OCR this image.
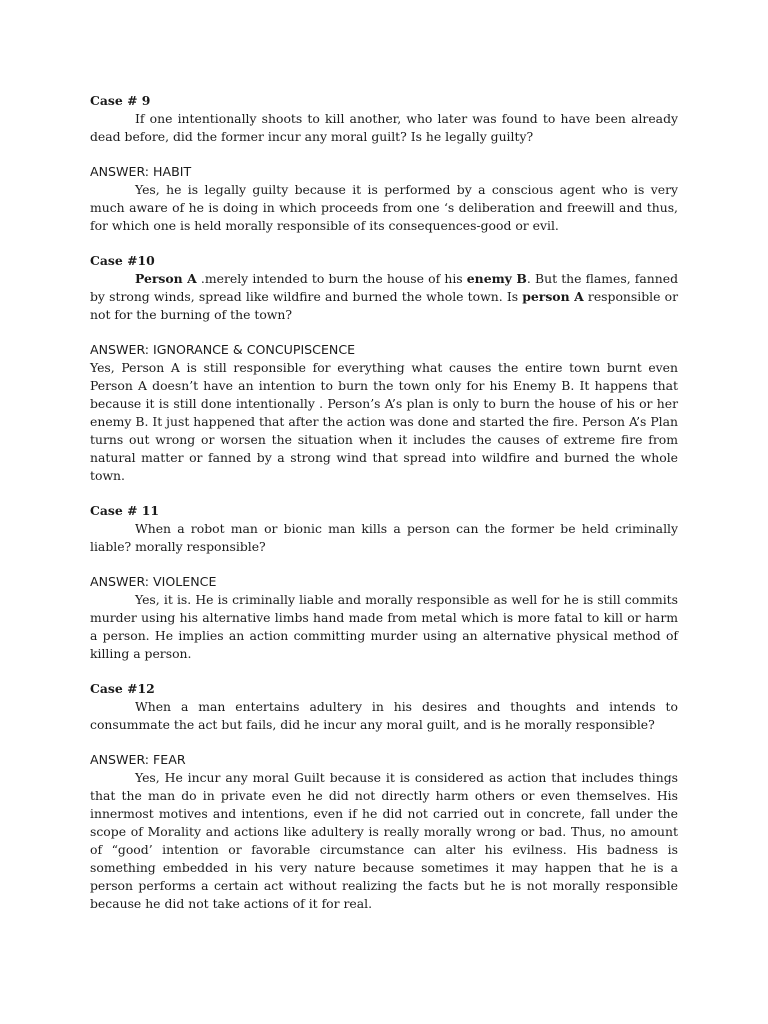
Case # 9

If one intentionally shoots to kill another, who later was found to have been already dead before, did the former incur any moral guilt? Is he legally guilty?

ANSWER: HABIT

Yes, he is legally guilty because it is performed by a conscious agent who is very much aware of he is doing in which proceeds from one ‘s deliberation and freewill and thus, for which one is held morally responsible of its consequences-good or evil.

Case #10

Person A .merely intended to burn the house of his enemy B. But the flames, fanned by strong winds, spread like wildfire and burned the whole town. Is person A responsible or not for the burning of the town?

ANSWER: IGNORANCE & CONCUPISCENCE

Yes, Person A is still responsible for everything what causes the entire town burnt even Person A doesn’t have an intention to burn the town only for his Enemy B. It happens that because it is still done intentionally . Person’s A’s plan is only to burn the house of his or her enemy B. It just happened that after the action was done and started the fire. Person A’s Plan turns out wrong or worsen the situation when it includes the causes of extreme fire from natural matter or fanned by a strong wind that spread into wildfire and burned the whole town.

Case # 11

When a robot man or bionic man kills a person can the former be held criminally liable? morally responsible?

ANSWER: VIOLENCE

Yes, it is. He is criminally liable and morally responsible as well for he is still commits murder using his alternative limbs hand made from metal which is more fatal to kill or harm a person. He implies an action committing murder using an alternative physical method of killing a person.

Case #12

When a man entertains adultery in his desires and thoughts and intends to consummate the act but fails, did he incur any moral guilt, and is he morally responsible?

ANSWER: FEAR

Yes, He incur any moral Guilt because it is considered as action that includes things that the man do in private even he did not directly harm others or even themselves. His innermost motives and intentions, even if he did not carried out in concrete, fall under the scope of Morality and actions like adultery is really morally wrong or bad. Thus, no amount of “good’ intention or favorable circumstance can alter his evilness. His badness is something embedded in his very nature because sometimes it may happen that he is a person performs a certain act without realizing the facts but he is not morally responsible because he did not take actions of it for real.
